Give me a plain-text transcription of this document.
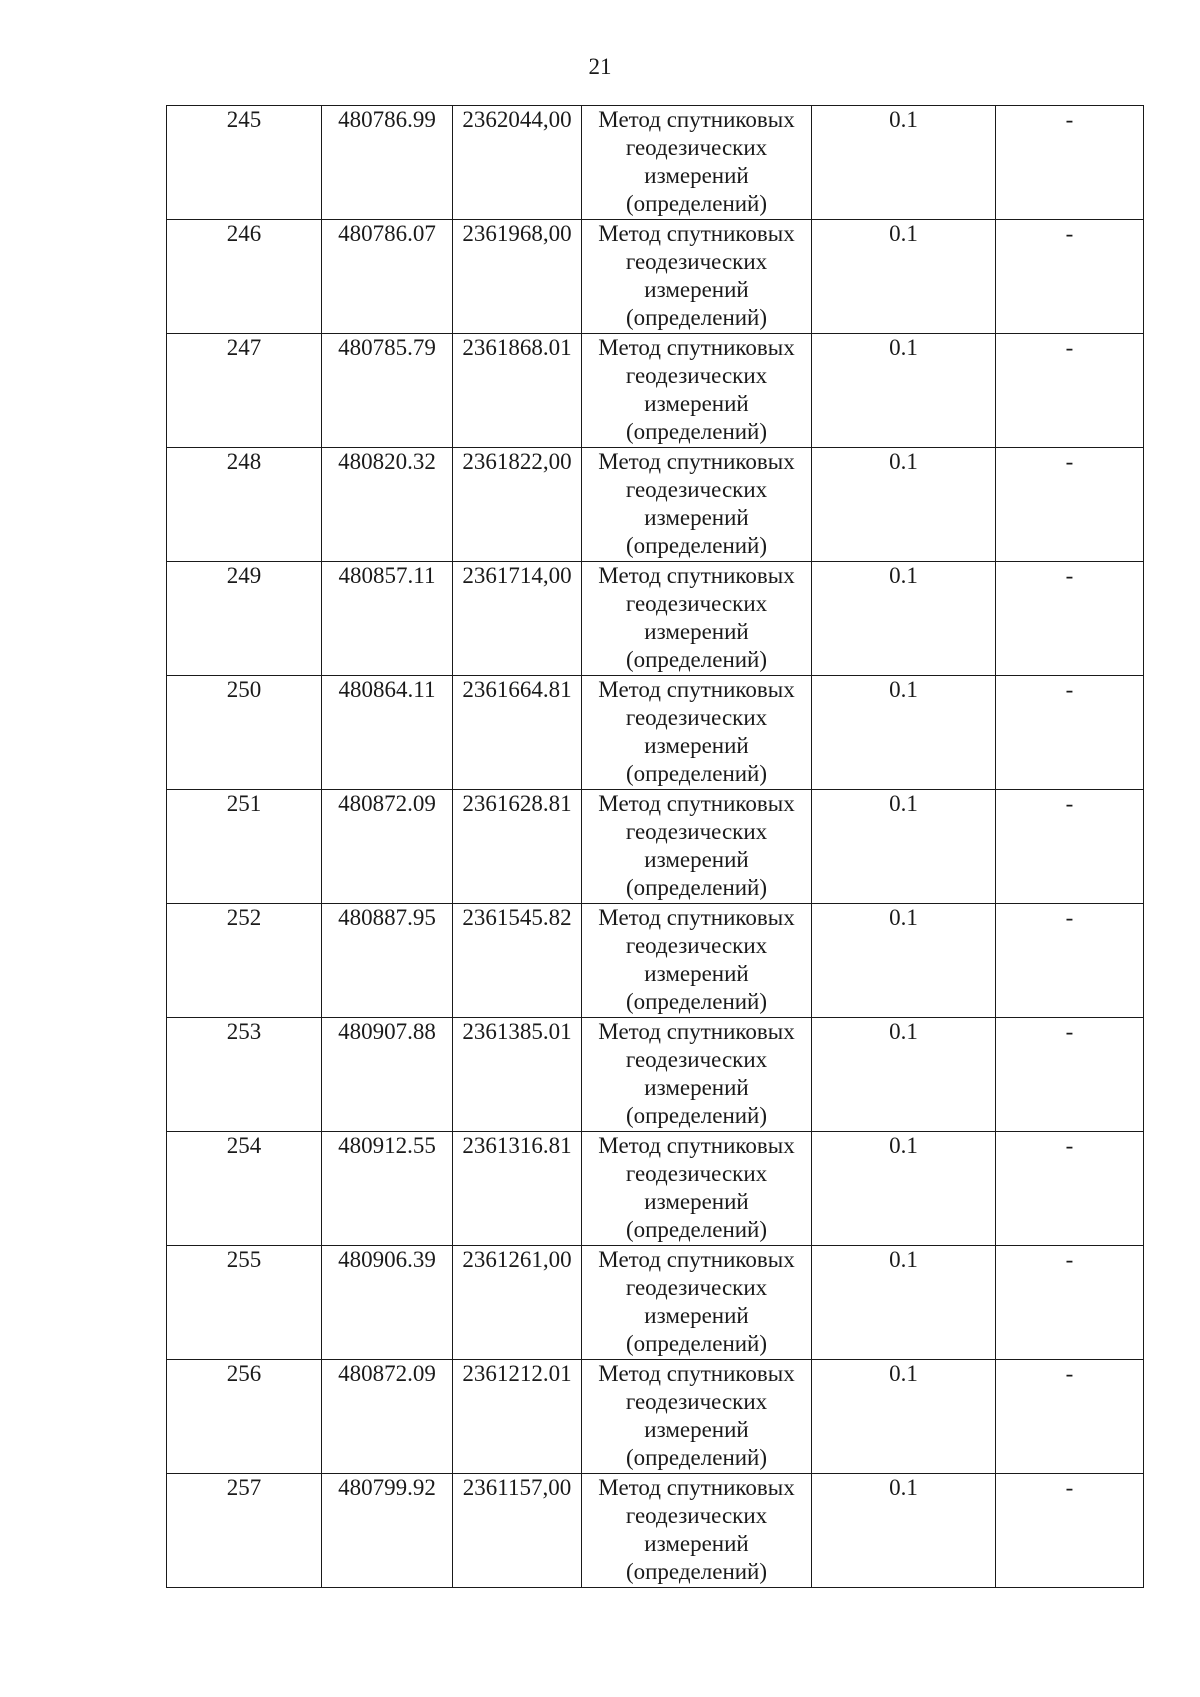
21
245	480786.99	2362044,00	Метод спутниковых
геодезических
измерений
(определений)	0.1	-
246	480786.07	2361968,00	Метод спутниковых
геодезических
измерений
(определений)	0.1	-
247	480785.79	2361868.01	Метод спутниковых
геодезических
измерений
(определений)	0.1	-
248	480820.32	2361822,00	Метод спутниковых
геодезических
измерений
(определений)	0.1	-
249	480857.11	2361714,00	Метод спутниковых
геодезических
измерений
(определений)	0.1	-
250	480864.11	2361664.81	Метод спутниковых
геодезических
измерений
(определений)	0.1	-
251	480872.09	2361628.81	Метод спутниковых
геодезических
измерений
(определений)	0.1	-
252	480887.95	2361545.82	Метод спутниковых
геодезических
измерений
(определений)	0.1	-
253	480907.88	2361385.01	Метод спутниковых
геодезических
измерений
(определений)	0.1	-
254	480912.55	2361316.81	Метод спутниковых
геодезических
измерений
(определений)	0.1	-
255	480906.39	2361261,00	Метод спутниковых
геодезических
измерений
(определений)	0.1	-
256	480872.09	2361212.01	Метод спутниковых
геодезических
измерений
(определений)	0.1	-
257	480799.92	2361157,00	Метод спутниковых
геодезических
измерений
(определений)	0.1	-
